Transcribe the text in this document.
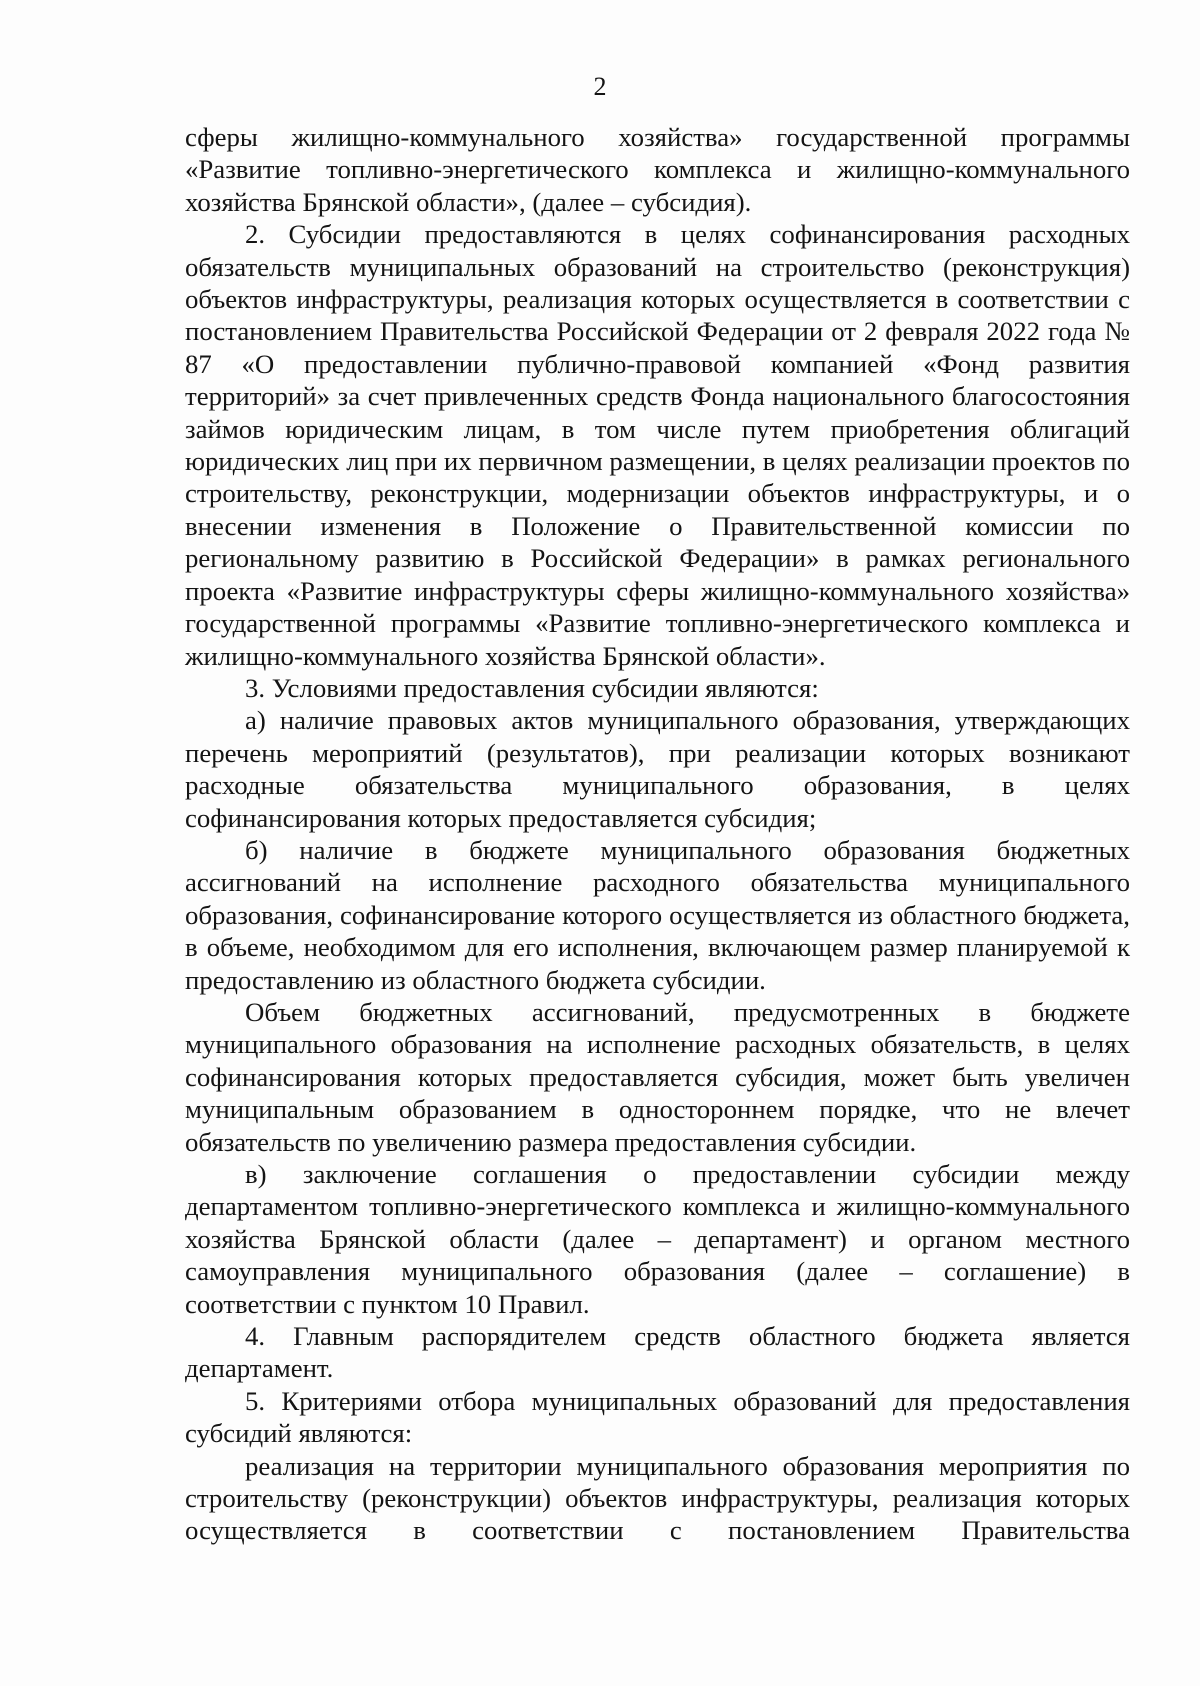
2

сферы жилищно-коммунального хозяйства» государственной программы «Развитие топливно-энергетического комплекса и жилищно-коммунального хозяйства Брянской области», (далее – субсидия).

2. Субсидии предоставляются в целях софинансирования расходных обязательств муниципальных образований на строительство (реконструкция) объектов инфраструктуры, реализация которых осуществляется в соответствии с постановлением Правительства Российской Федерации от 2 февраля 2022 года № 87 «О предоставлении публично-правовой компанией «Фонд развития территорий» за счет привлеченных средств Фонда национального благосостояния займов юридическим лицам, в том числе путем приобретения облигаций юридических лиц при их первичном размещении, в целях реализации проектов по строительству, реконструкции, модернизации объектов инфраструктуры, и о внесении изменения в Положение о Правительственной комиссии по региональному развитию в Российской Федерации» в рамках регионального проекта «Развитие инфраструктуры сферы жилищно-коммунального хозяйства» государственной программы «Развитие топливно-энергетического комплекса и жилищно-коммунального хозяйства Брянской области».

3. Условиями предоставления субсидии являются:

а) наличие правовых актов муниципального образования, утверждающих перечень мероприятий (результатов), при реализации которых возникают расходные обязательства муниципального образования, в целях софинансирования которых предоставляется субсидия;

б) наличие в бюджете муниципального образования бюджетных ассигнований на исполнение расходного обязательства муниципального образования, софинансирование которого осуществляется из областного бюджета, в объеме, необходимом для его исполнения, включающем размер планируемой к предоставлению из областного бюджета субсидии.

Объем бюджетных ассигнований, предусмотренных в бюджете муниципального образования на исполнение расходных обязательств, в целях софинансирования которых предоставляется субсидия, может быть увеличен муниципальным образованием в одностороннем порядке, что не влечет обязательств по увеличению размера предоставления субсидии.

в) заключение соглашения о предоставлении субсидии между департаментом топливно-энергетического комплекса и жилищно-коммунального хозяйства Брянской области (далее – департамент) и органом местного самоуправления муниципального образования (далее – соглашение) в соответствии с пунктом 10 Правил.

4. Главным распорядителем средств областного бюджета является департамент.

5. Критериями отбора муниципальных образований для предоставления субсидий являются:

реализация на территории муниципального образования мероприятия по строительству (реконструкции) объектов инфраструктуры, реализация которых осуществляется в соответствии с постановлением Правительства
